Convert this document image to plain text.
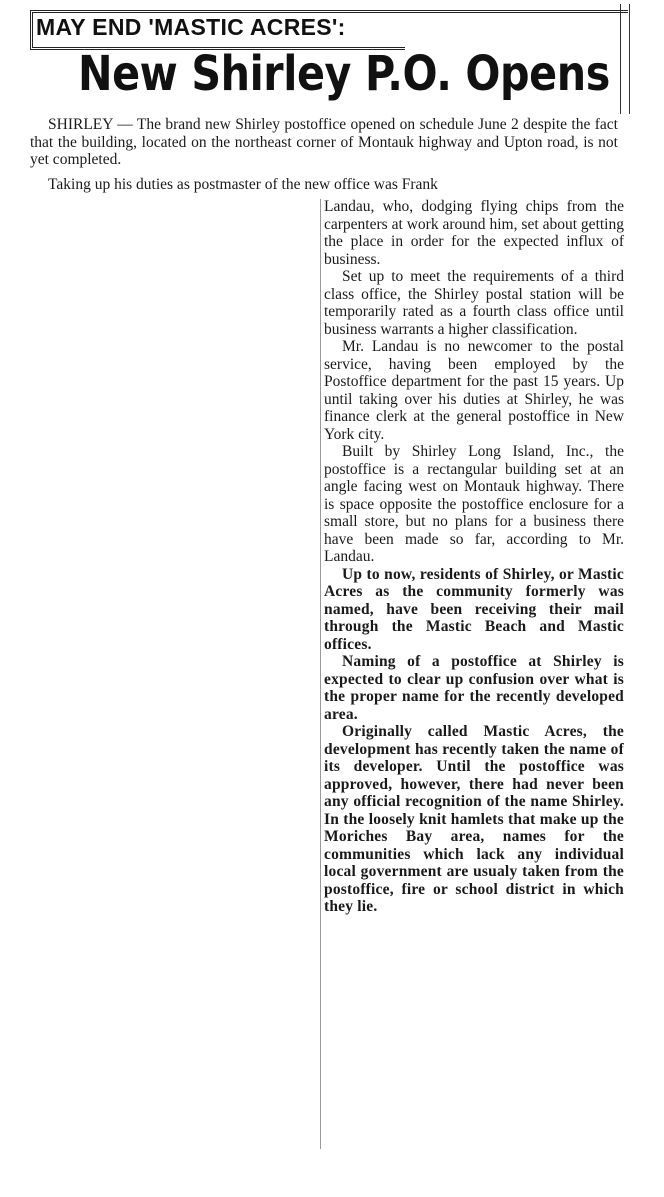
MAY END 'MASTIC ACRES':
New Shirley P.O. Opens

SHIRLEY — The brand new Shirley postoffice opened on schedule June 2 despite the fact that the building, located on the northeast corner of Montauk highway and Upton road, is not yet completed.

Taking up his duties as postmaster of the new office was Frank

Landau, who, dodging flying chips from the carpenters at work around him, set about getting the place in order for the expected influx of business.

Set up to meet the requirements of a third class office, the Shirley postal station will be temporarily rated as a fourth class office until business warrants a higher classification.

Mr. Landau is no newcomer to the postal service, having been employed by the Postoffice department for the past 15 years. Up until taking over his duties at Shirley, he was finance clerk at the general postoffice in New York city.

Built by Shirley Long Island, Inc., the postoffice is a rectangular building set at an angle facing west on Montauk highway. There is space opposite the postoffice enclosure for a small store, but no plans for a business there have been made so far, according to Mr. Landau.

Up to now, residents of Shirley, or Mastic Acres as the community formerly was named, have been receiving their mail through the Mastic Beach and Mastic offices.

Naming of a postoffice at Shirley is expected to clear up confusion over what is the proper name for the recently developed area.

Originally called Mastic Acres, the development has recently taken the name of its developer. Until the postoffice was approved, however, there had never been any official recognition of the name Shirley. In the loosely knit hamlets that make up the Moriches Bay area, names for the communities which lack any individual local government are usualy taken from the postoffice, fire or school district in which they lie.
